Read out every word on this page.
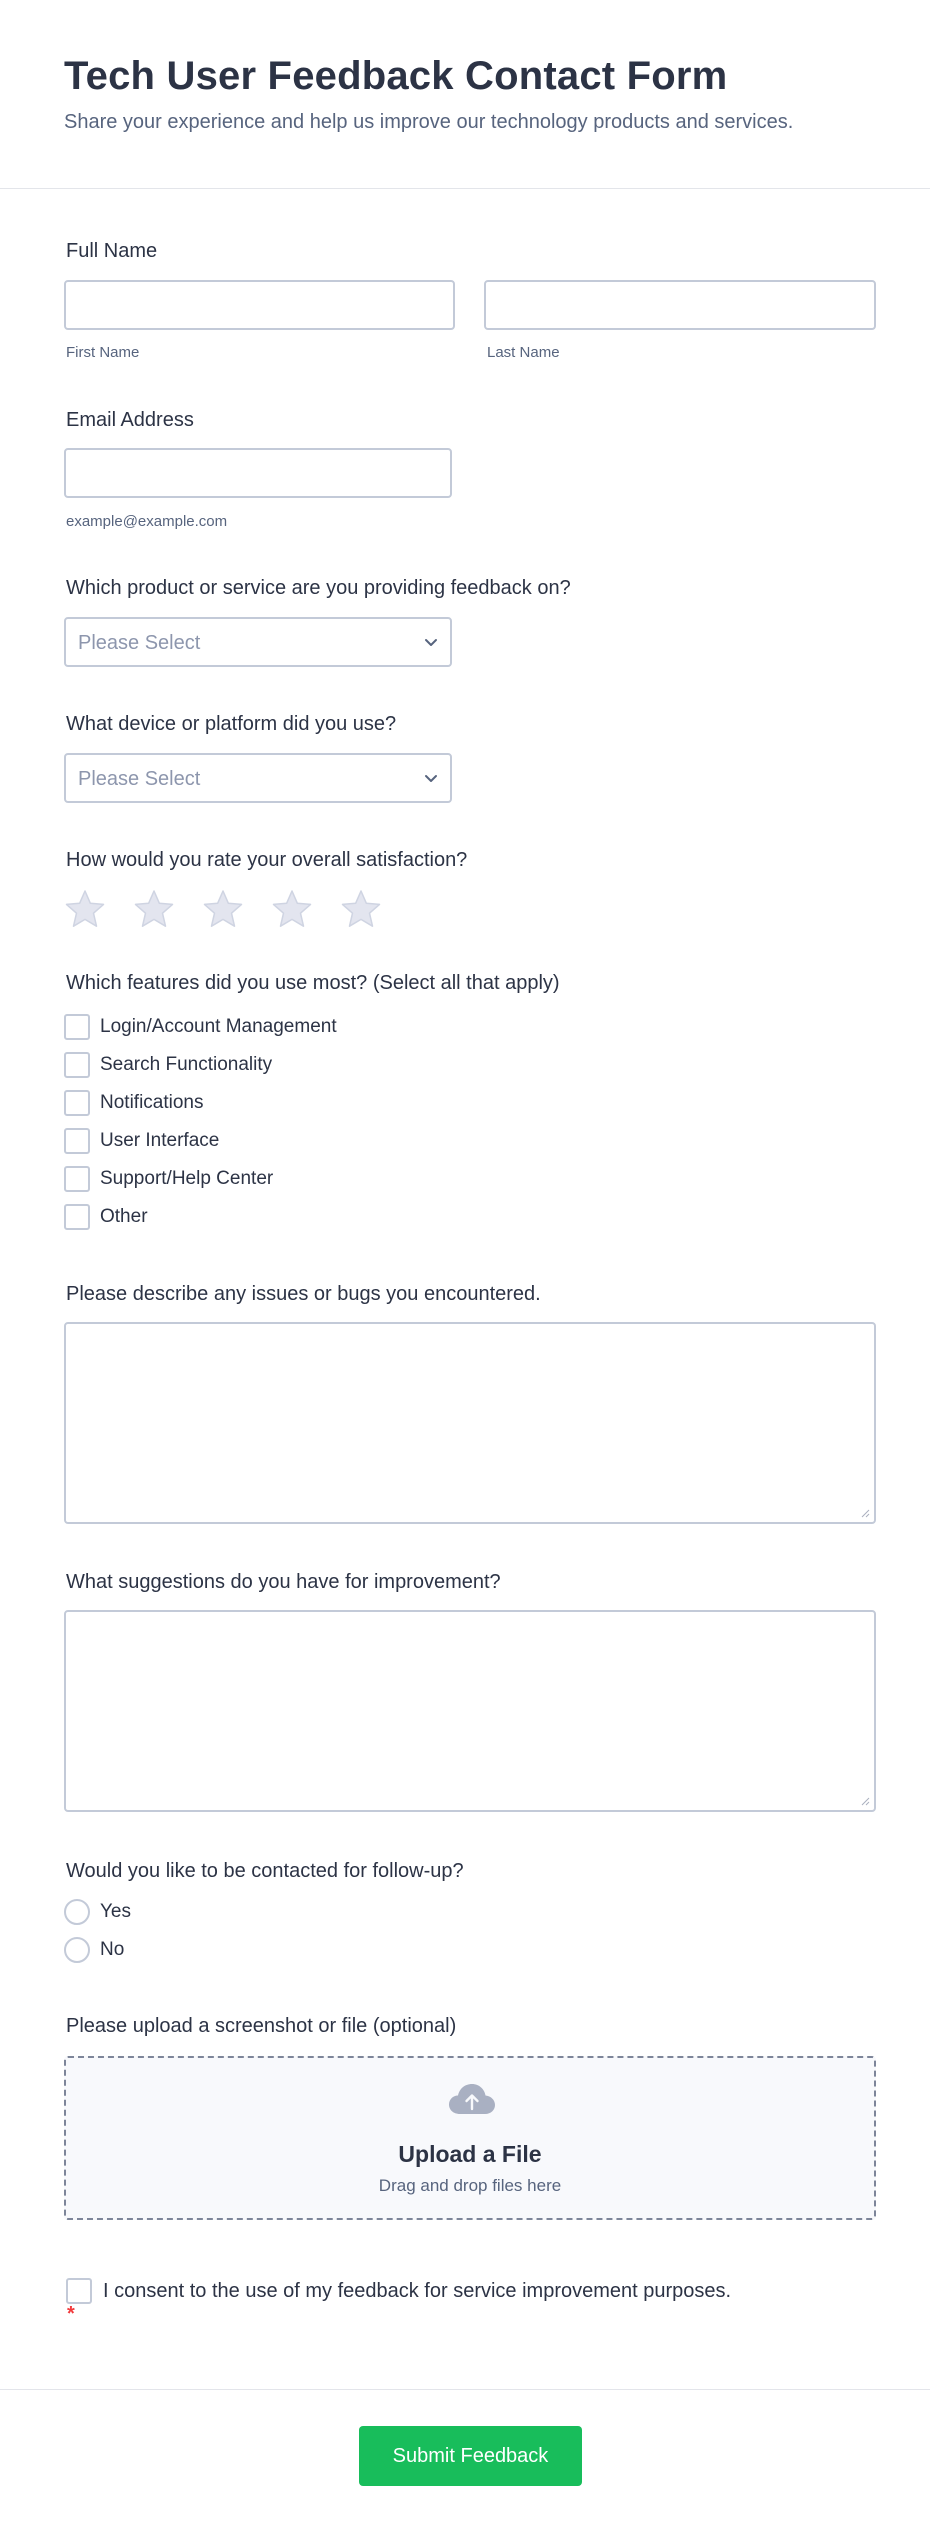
Tech User Feedback Contact Form

Share your experience and help us improve our technology products and services.

Full Name
First Name	Last Name
Email Address
example@example.com
Which product or service are you providing feedback on?
Please Select
What device or platform did you use?
Please Select
How would you rate your overall satisfaction?
Which features did you use most? (Select all that apply)
Login/Account Management
Search Functionality
Notifications
User Interface
Support/Help Center
Other
Please describe any issues or bugs you encountered.
What suggestions do you have for improvement?
Would you like to be contacted for follow-up?
Yes
No
Please upload a screenshot or file (optional)
Upload a File
Drag and drop files here
I consent to the use of my feedback for service improvement purposes.
*
Submit Feedback
